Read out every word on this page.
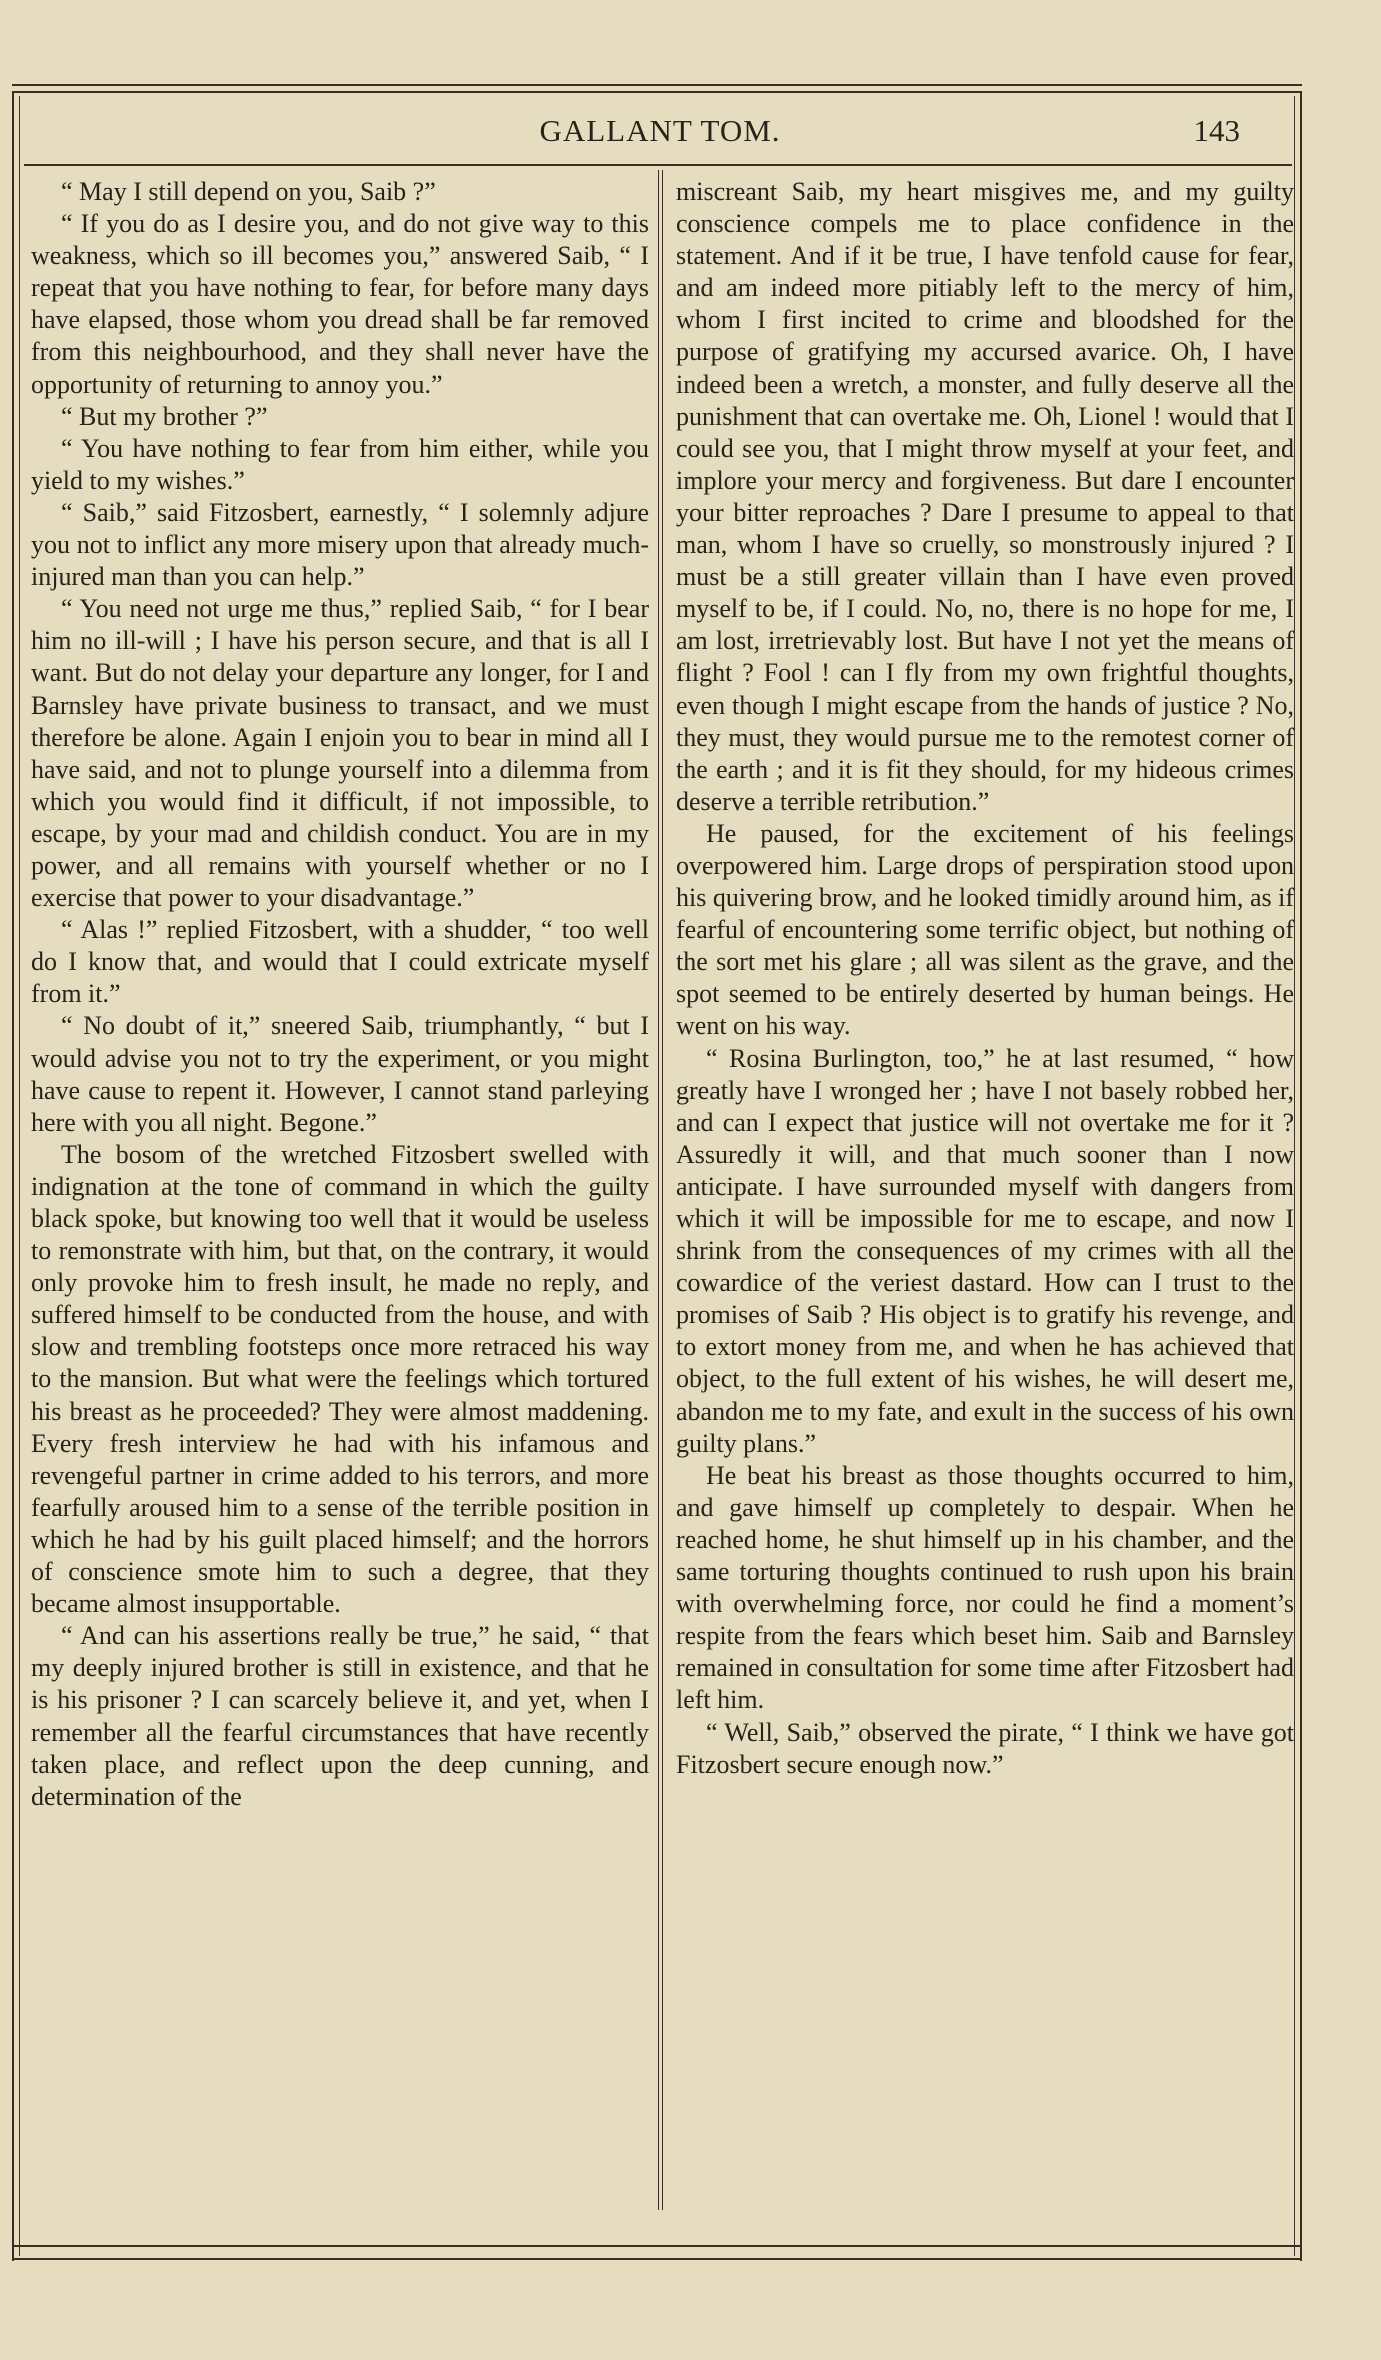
GALLANT TOM.	143

“ May I still depend on you, Saib ?”

“ If you do as I desire you, and do not give way to this weakness, which so ill becomes you,” answered Saib, “ I repeat that you have nothing to fear, for before many days have elapsed, those whom you dread shall be far removed from this neighbourhood, and they shall never have the opportunity of returning to annoy you.”

“ But my brother ?”

“ You have nothing to fear from him either, while you yield to my wishes.”

“ Saib,” said Fitzosbert, earnestly, “ I solemnly adjure you not to inflict any more misery upon that already much-injured man than you can help.”

“ You need not urge me thus,” replied Saib, “ for I bear him no ill-will ; I have his person secure, and that is all I want. But do not delay your departure any longer, for I and Barnsley have private business to transact, and we must therefore be alone. Again I enjoin you to bear in mind all I have said, and not to plunge yourself into a dilemma from which you would find it difficult, if not impossible, to escape, by your mad and childish conduct. You are in my power, and all remains with yourself whether or no I exercise that power to your disadvantage.”

“ Alas !” replied Fitzosbert, with a shudder, “ too well do I know that, and would that I could extricate myself from it.”

“ No doubt of it,” sneered Saib, triumphantly, “ but I would advise you not to try the experiment, or you might have cause to repent it. However, I cannot stand parleying here with you all night. Begone.”

The bosom of the wretched Fitzosbert swelled with indignation at the tone of command in which the guilty black spoke, but knowing too well that it would be useless to remonstrate with him, but that, on the contrary, it would only provoke him to fresh insult, he made no reply, and suffered himself to be conducted from the house, and with slow and trembling footsteps once more retraced his way to the mansion. But what were the feelings which tortured his breast as he proceeded? They were almost maddening. Every fresh interview he had with his infamous and revengeful partner in crime added to his terrors, and more fearfully aroused him to a sense of the terrible position in which he had by his guilt placed himself; and the horrors of conscience smote him to such a degree, that they became almost insupportable.

“ And can his assertions really be true,” he said, “ that my deeply injured brother is still in existence, and that he is his prisoner ? I can scarcely believe it, and yet, when I remember all the fearful circumstances that have recently taken place, and reflect upon the deep cunning, and determination of the

miscreant Saib, my heart misgives me, and my guilty conscience compels me to place confidence in the statement. And if it be true, I have tenfold cause for fear, and am indeed more pitiably left to the mercy of him, whom I first incited to crime and bloodshed for the purpose of gratifying my accursed avarice. Oh, I have indeed been a wretch, a monster, and fully deserve all the punishment that can overtake me. Oh, Lionel ! would that I could see you, that I might throw myself at your feet, and implore your mercy and forgiveness. But dare I encounter your bitter reproaches ? Dare I presume to appeal to that man, whom I have so cruelly, so monstrously injured ? I must be a still greater villain than I have even proved myself to be, if I could. No, no, there is no hope for me, I am lost, irretrievably lost. But have I not yet the means of flight ? Fool ! can I fly from my own frightful thoughts, even though I might escape from the hands of justice ? No, they must, they would pursue me to the remotest corner of the earth ; and it is fit they should, for my hideous crimes deserve a terrible retribution.”

He paused, for the excitement of his feelings overpowered him. Large drops of perspiration stood upon his quivering brow, and he looked timidly around him, as if fearful of encountering some terrific object, but nothing of the sort met his glare ; all was silent as the grave, and the spot seemed to be entirely deserted by human beings. He went on his way.

“ Rosina Burlington, too,” he at last resumed, “ how greatly have I wronged her ; have I not basely robbed her, and can I expect that justice will not overtake me for it ? Assuredly it will, and that much sooner than I now anticipate. I have surrounded myself with dangers from which it will be impossible for me to escape, and now I shrink from the consequences of my crimes with all the cowardice of the veriest dastard. How can I trust to the promises of Saib ? His object is to gratify his revenge, and to extort money from me, and when he has achieved that object, to the full extent of his wishes, he will desert me, abandon me to my fate, and exult in the success of his own guilty plans.”

He beat his breast as those thoughts occurred to him, and gave himself up completely to despair. When he reached home, he shut himself up in his chamber, and the same torturing thoughts continued to rush upon his brain with overwhelming force, nor could he find a moment’s respite from the fears which beset him. Saib and Barnsley remained in consultation for some time after Fitzosbert had left him.

“ Well, Saib,” observed the pirate, “ I think we have got Fitzosbert secure enough now.”
